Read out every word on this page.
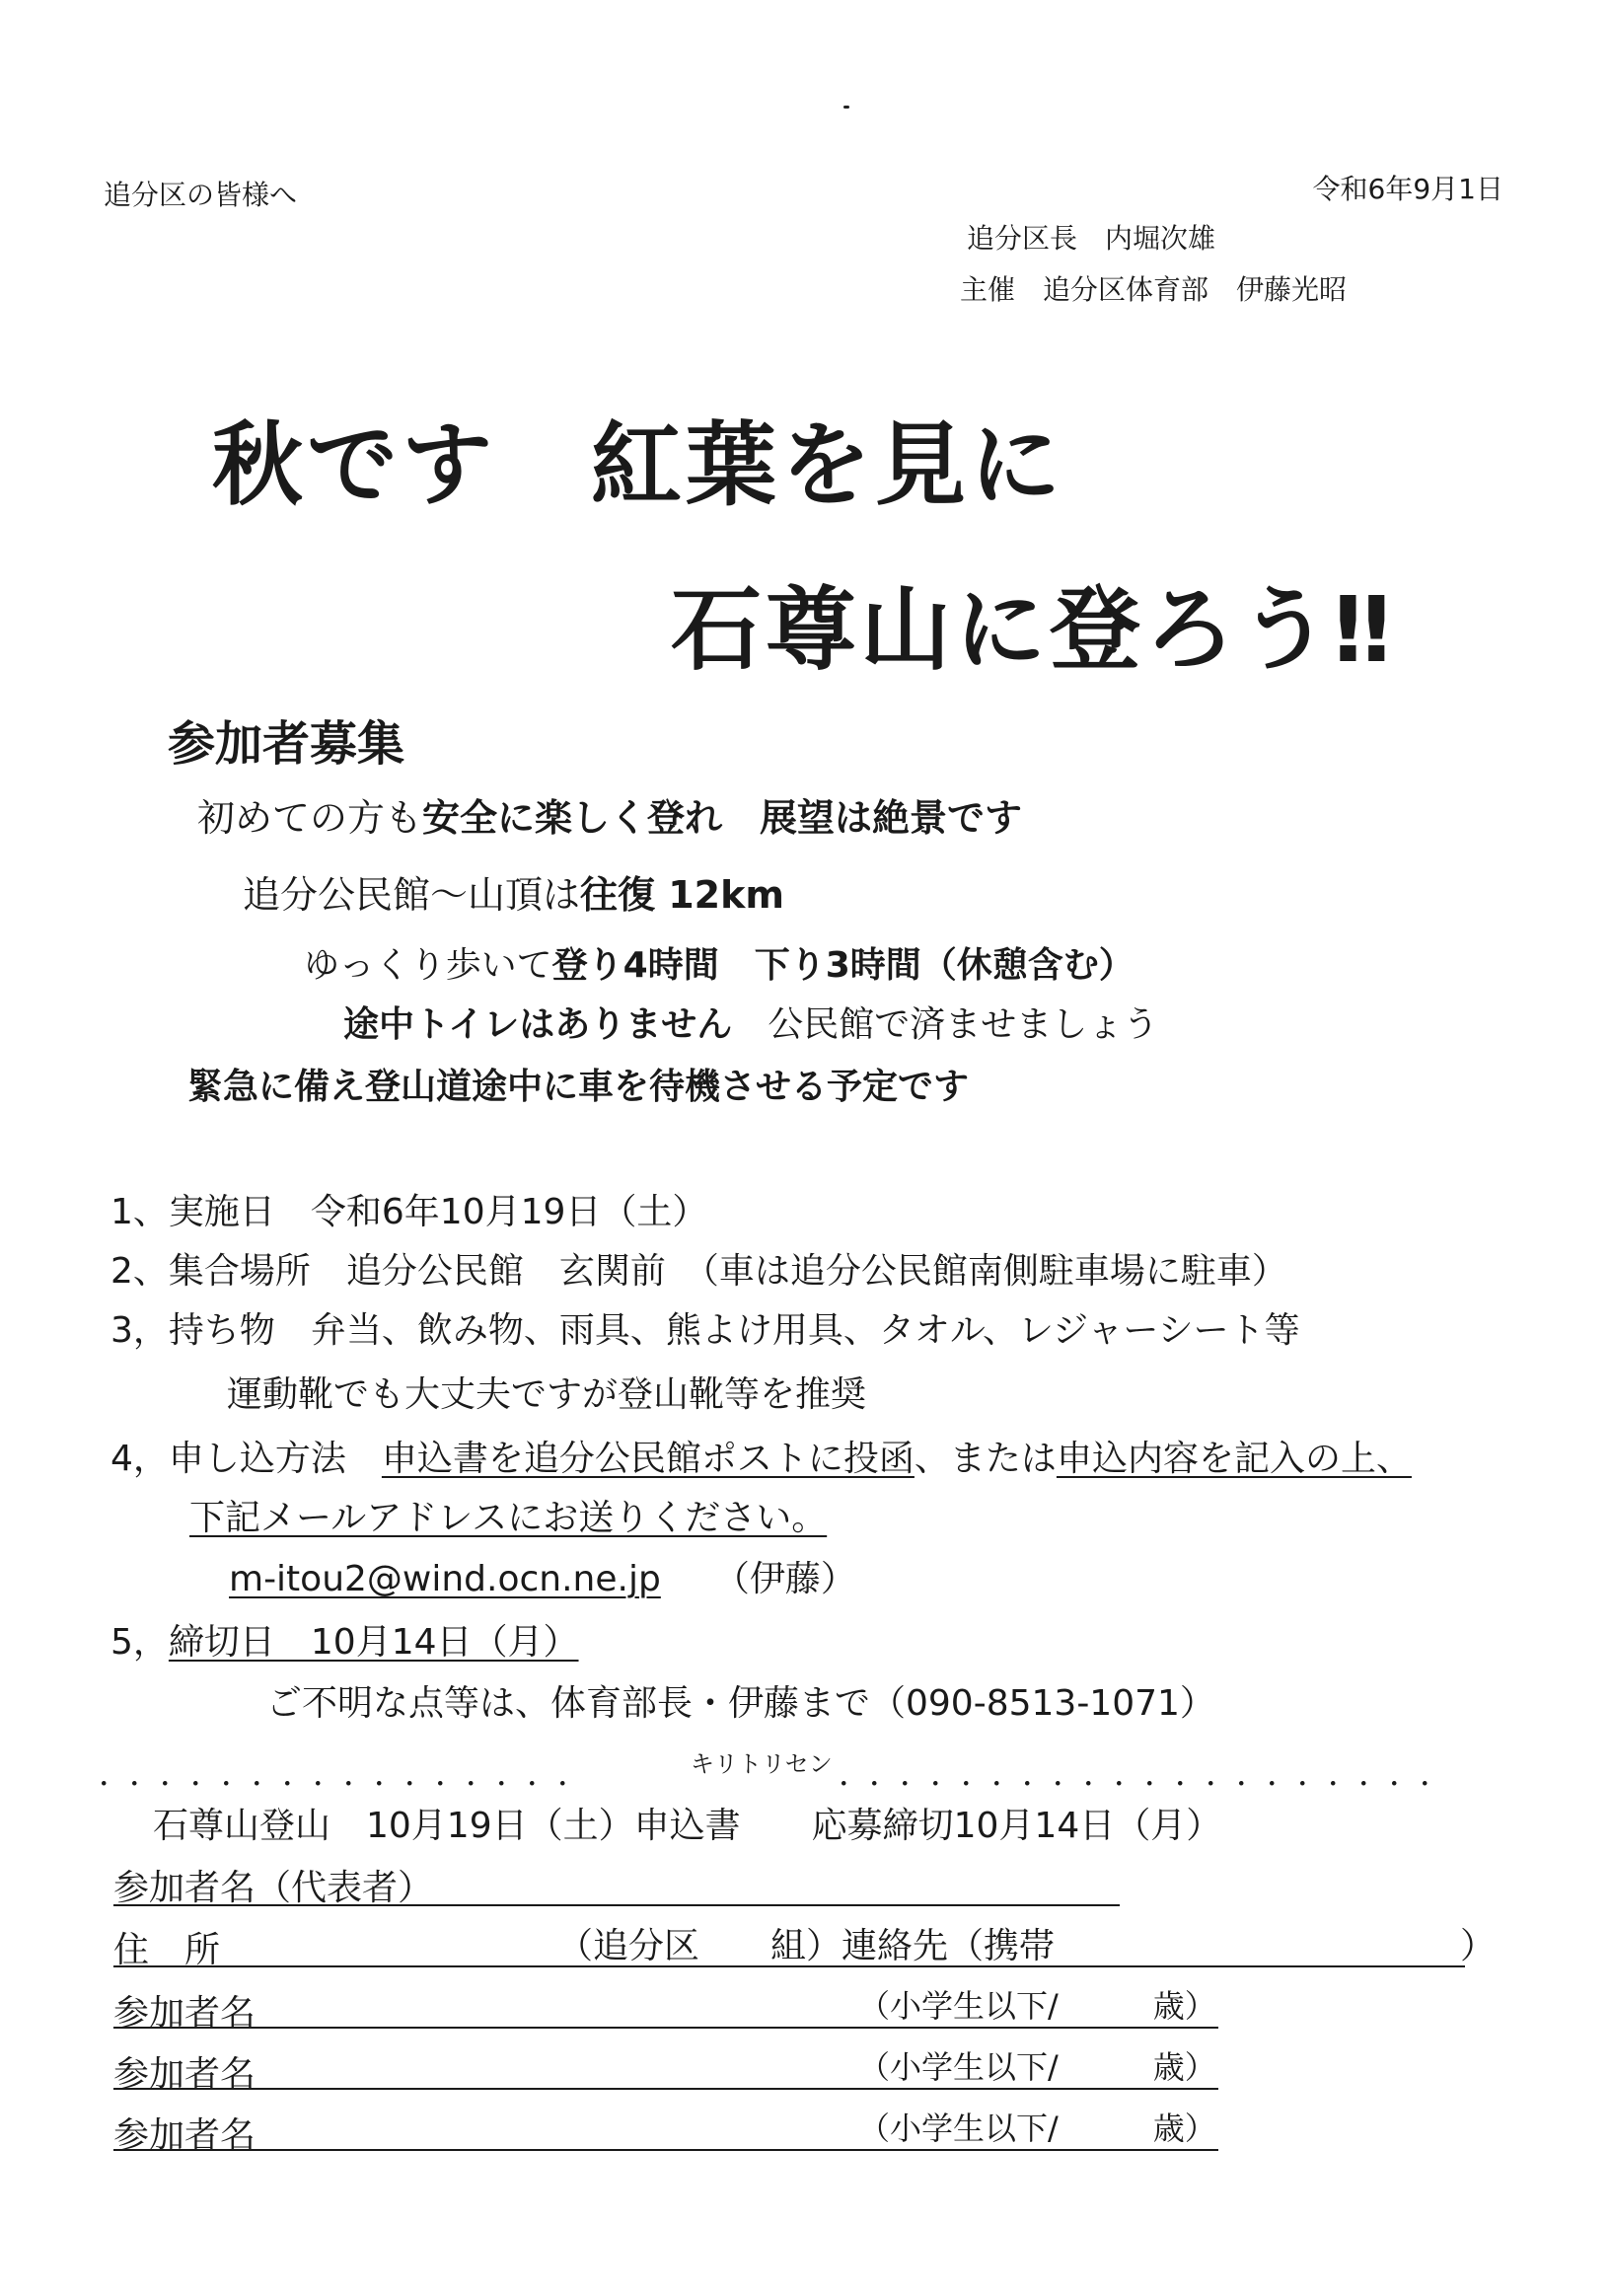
追分区の皆様へ	令和6年9月1日
追分区長　内堀次雄
主催　追分区体育部　伊藤光昭
秋です　紅葉を見に
石尊山に登ろう‼
参加者募集
初めての方も安全に楽しく登れ　展望は絶景です
追分公民館～山頂は往復 12km
ゆっくり歩いて登り4時間　下り3時間（休憩含む）
途中トイレはありません　 公民館で済ませましょう
緊急に備え登山道途中に車を待機させる予定です
1、実施日　令和6年10月19日（土）
2、集合場所　追分公民館　玄関前　（車は追分公民館南側駐車場に駐車）
3，持ち物　弁当、飲み物、雨具、熊よけ用具、タオル、レジャーシート等
運動靴でも大丈夫ですが登山靴等を推奨
4，申し込方法　申込書を追分公民館ポストに投函、または申込内容を記入の上、
下記メールアドレスにお送りください。
m-itou2@wind.ocn.ne.jp　　 （伊藤）
5，締切日　10月14日（月）
ご不明な点等は、体育部長・伊藤まで（090-8513-1071）
．．．．．．．．．．．．．．．．	キリトリセン ．．．．．．．．．．．．．．．．．．．．
石尊山登山　10月19日（土）申込書　　応募締切10月14日（月）
参加者名（代表者）
住　所	（追分区　　組）連絡先（携帯	）
参加者名	（小学生以下/　　　歳）
参加者名	（小学生以下/　　　歳）
参加者名	（小学生以下/　　　歳）
